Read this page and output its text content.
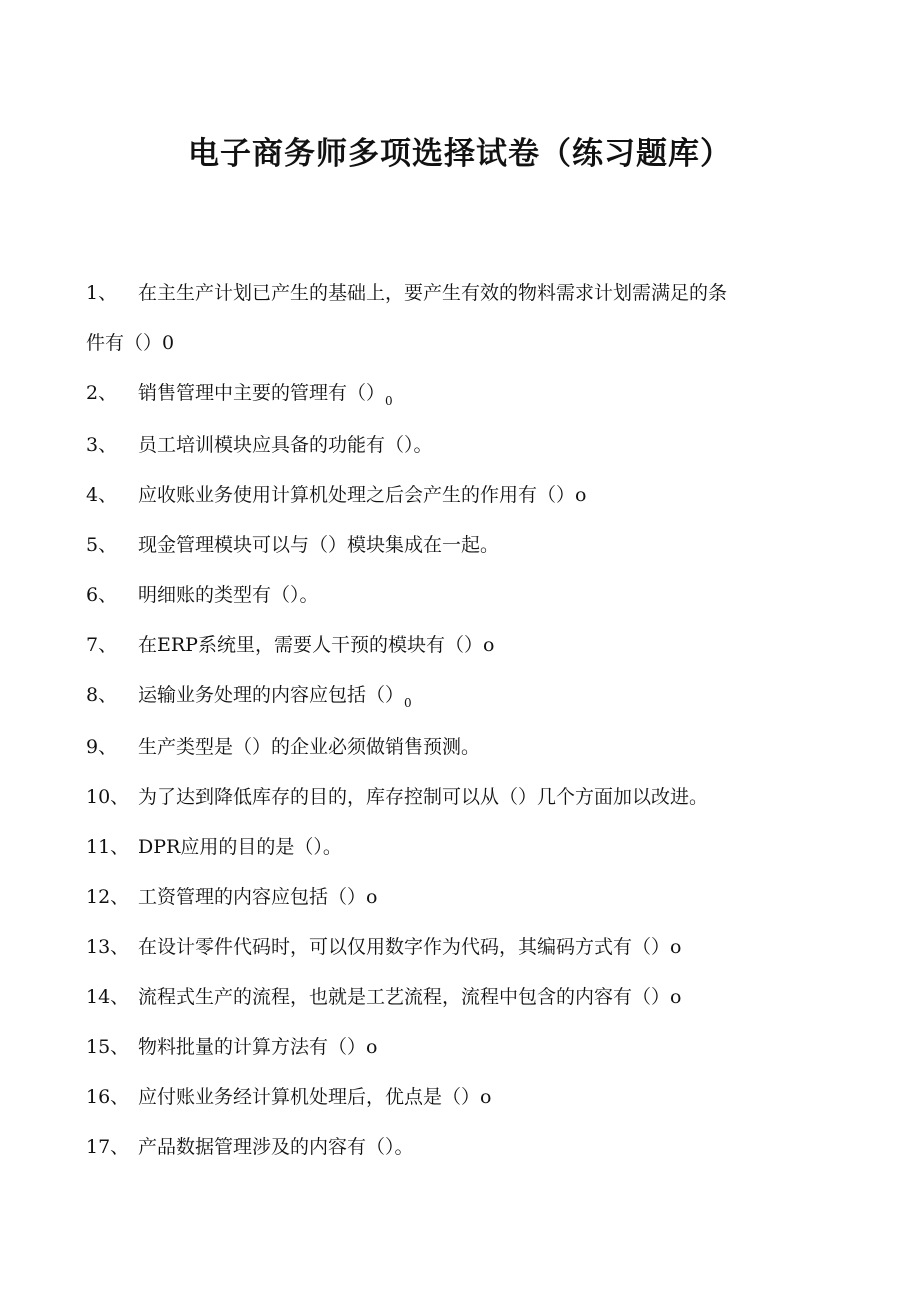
电子商务师多项选择试卷（练习题库）
1、	在主生产计划已产生的基础上，要产生有效的物料需求计划需满足的条
件有（）0
2、	销售管理中主要的管理有$()_0$
3、	员工培训模块应具备的功能有（）。
4、	应收账业务使用计算机处理之后会产生的作用有（）o
5、	现金管理模块可以与（）模块集成在一起。
6、	明细账的类型有（）。
7、	在ERP系统里，需要人干预的模块有（）o
8、	运输业务处理的内容应包括$()_0$
9、	生产类型是（）的企业必须做销售预测。
10、 为了达到降低库存的目的，库存控制可以从（）几个方面加以改进。
11、 DPR应用的目的是（）。
12、 工资管理的内容应包括（）o
13、 在设计零件代码时，可以仅用数字作为代码，其编码方式有（）o
14、 流程式生产的流程，也就是工艺流程，流程中包含的内容有（）o
15、 物料批量的计算方法有（）o
16、 应付账业务经计算机处理后，优点是（）o
17、 产品数据管理涉及的内容有（）。
